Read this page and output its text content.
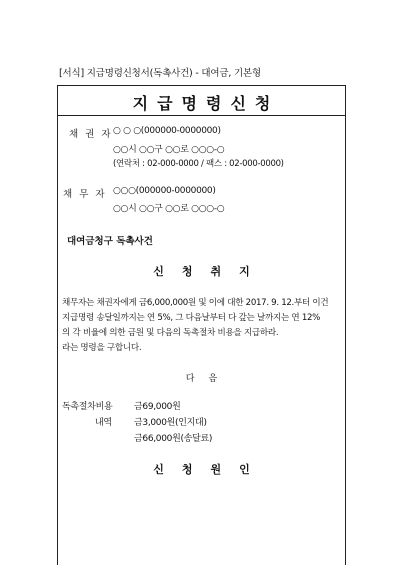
[서식] 지급명령신청서(독촉사건) - 대여금, 기본형
지급명령신청
채 권 자 ○ ○ ○(000000-0000000)
○○시 ○○구 ○○로 ○○○-○
(연락처 : 02-000-0000 / 팩스 : 02-000-0000)
채 무 자 ○○○(000000-0000000)
○○시 ○○구 ○○로 ○○○-○
대여금청구 독촉사건
신청취지
채무자는 채권자에게 금6,000,000원 및 이에 대한 2017. 9. 12.부터 이건
지급명령 송달일까지는 연 5%, 그 다음날부터 다 갚는 날까지는 연 12%
의 각 비율에 의한 금원 및 다음의 독촉절차 비용을 지급하라.
라는 명령을 구합니다.
다음
독촉절차비용 금69,000원
내역 금3,000원(인지대)
금66,000원(송달료)
신청원인
